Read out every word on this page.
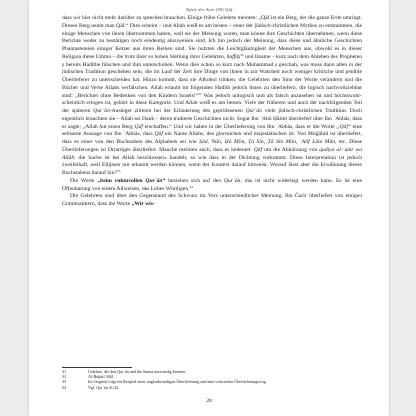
Tafsīr der Sure (50) Qāf

dass wir hier nicht mehr darüber zu sprechen brauchen. Einige frühe Gelehrte meinten: „Qāf ist ein Berg, der die ganze Erde umringt. Diesen Berg nennt man Qāf.“ Dies scheint – und Allah weiß es am besten – einer der jüdisch-christlichen Mythos zu entstammen, die einige Menschen von ihnen übernommen haben, weil sie der Meinung waren, man könne ihre Geschichten übernehmen, wenn diese Berichte weder zu bestätigen noch eindeutig abzuweisen sind. Ich bin jedoch der Meinung, dass diese und ähnliche Geschichten Phantastereien einiger Ketzer aus ihren Reihen sind. Sie nutzten die Leichtgläubigkeit der Menschen aus, obwohl es in dieser Religion diese Umma – die trotz ihrer so hohen Stellung ihrer Gelehrten, huffāẓ$^{31}$ und Imame – kurz nach dem Ableben des Propheten ṣ bereits Hadīthe fälschen und ihm unterschoben. Wenn dies schon so kurz nach Muhammad ṣ geschah, was muss dann allen in der jüdischen Tradition geschehen sein, die im Lauf der Zeit ihre Dinge von ihnen in zur Wahrheit noch weniger kritische und penible Überlieferer zu unterscheiden hat. Hinzu kommt, dass sie Alkohol trinken, die Gelehrten den Sinn der Worte verändern und die Bücher und Verse Allahs verfälschen. Allah erlaubt im folgenden Hadīth jedoch ihnen zu überliefern, die logisch nachvollziehbar sind: „Berichtet ohne Bedenken von den Kindern Israels!“$^{32}$ Was jedoch unlogisch und als falsch anzusehen ist und höchstwahrscheinlich erlogen ist, gehört in diese Kategorie. Und Allah weiß es am besten. Viele der früheren und auch der nachfolgenden Teil der späteren Qurʾān-Ausleger zitieren bei der Erläuterung des geprüfesenen Qurʾān viele jüdisch-christlichen Tradition. Doch eigentlich brauchten sie – Allah sei Dank – deren tradierte Geschichten nicht. Sogar Ibn ʾAbū Ḥātim überliefert über Ibn ʾAbbās, dass er sagte: „Allah hat einen Berg Qāf erschaffen.“ Und wir haben in der Überlieferung von Ibn ʾAbbās, dass er die Worte „Qāf“ eine seltsame Aussage von Ibn ʾAbbās, dass Qāf ein Name Allahs, des glorreichen und majestätischen ist. Von Muǧāhid ist überliefert, dass es einer von den Buchstaben des Alphabets sei wie Ṣād, Nūn, Ḥā Mīm, Ṭā Sīn, Ṭā Sīn Mīm, ʾAlif Lām Mīm, etc. Diese Überlieferungen ist Drrartiges überliefert. Manche meinten auch, dass es bedeutet: Qāf um die Abkürzung von qudiya al-ʾamr wa Allāh: die Sache ist bei Allah beschlossen« handelt, so wie dass in der Dichtung vorkommt. Diese Interpretation ist jedoch zweifelhaft, weil Ellipsen nur erkannt werden können, wenn der Kontext darauf hinweist. Worauf lässt aber die Erwähnung dieses Buchstabens darauf hin?$^{33}$

Die Worte „beim ruhmvollen Qurʾān“ beziehen sich auf den Qurʾān, das ist nicht widerlegt werden kann. Es ist eine Offenbarung von einem Allweisen, des Lobes Würdigen.$^{34}$

Die Gelehrten sind über den Gegenstand des Schwurs im Vers unterschiedlicher Meinung. Ibn Ǧarīr überliefert von einigen Grammatikern, dass die Worte „Wir wis-

31	Gelehrte, die den Qurʾān und die Sunna auswendig können.
32	Al-Buḫārī 3461.
33	Im Original folgt ein Beispiel einer unglaubwürdigen Überlieferung und eine schwachen Überlieferungsweg.
34	Vgl. Qurʾān 41:42.
28
